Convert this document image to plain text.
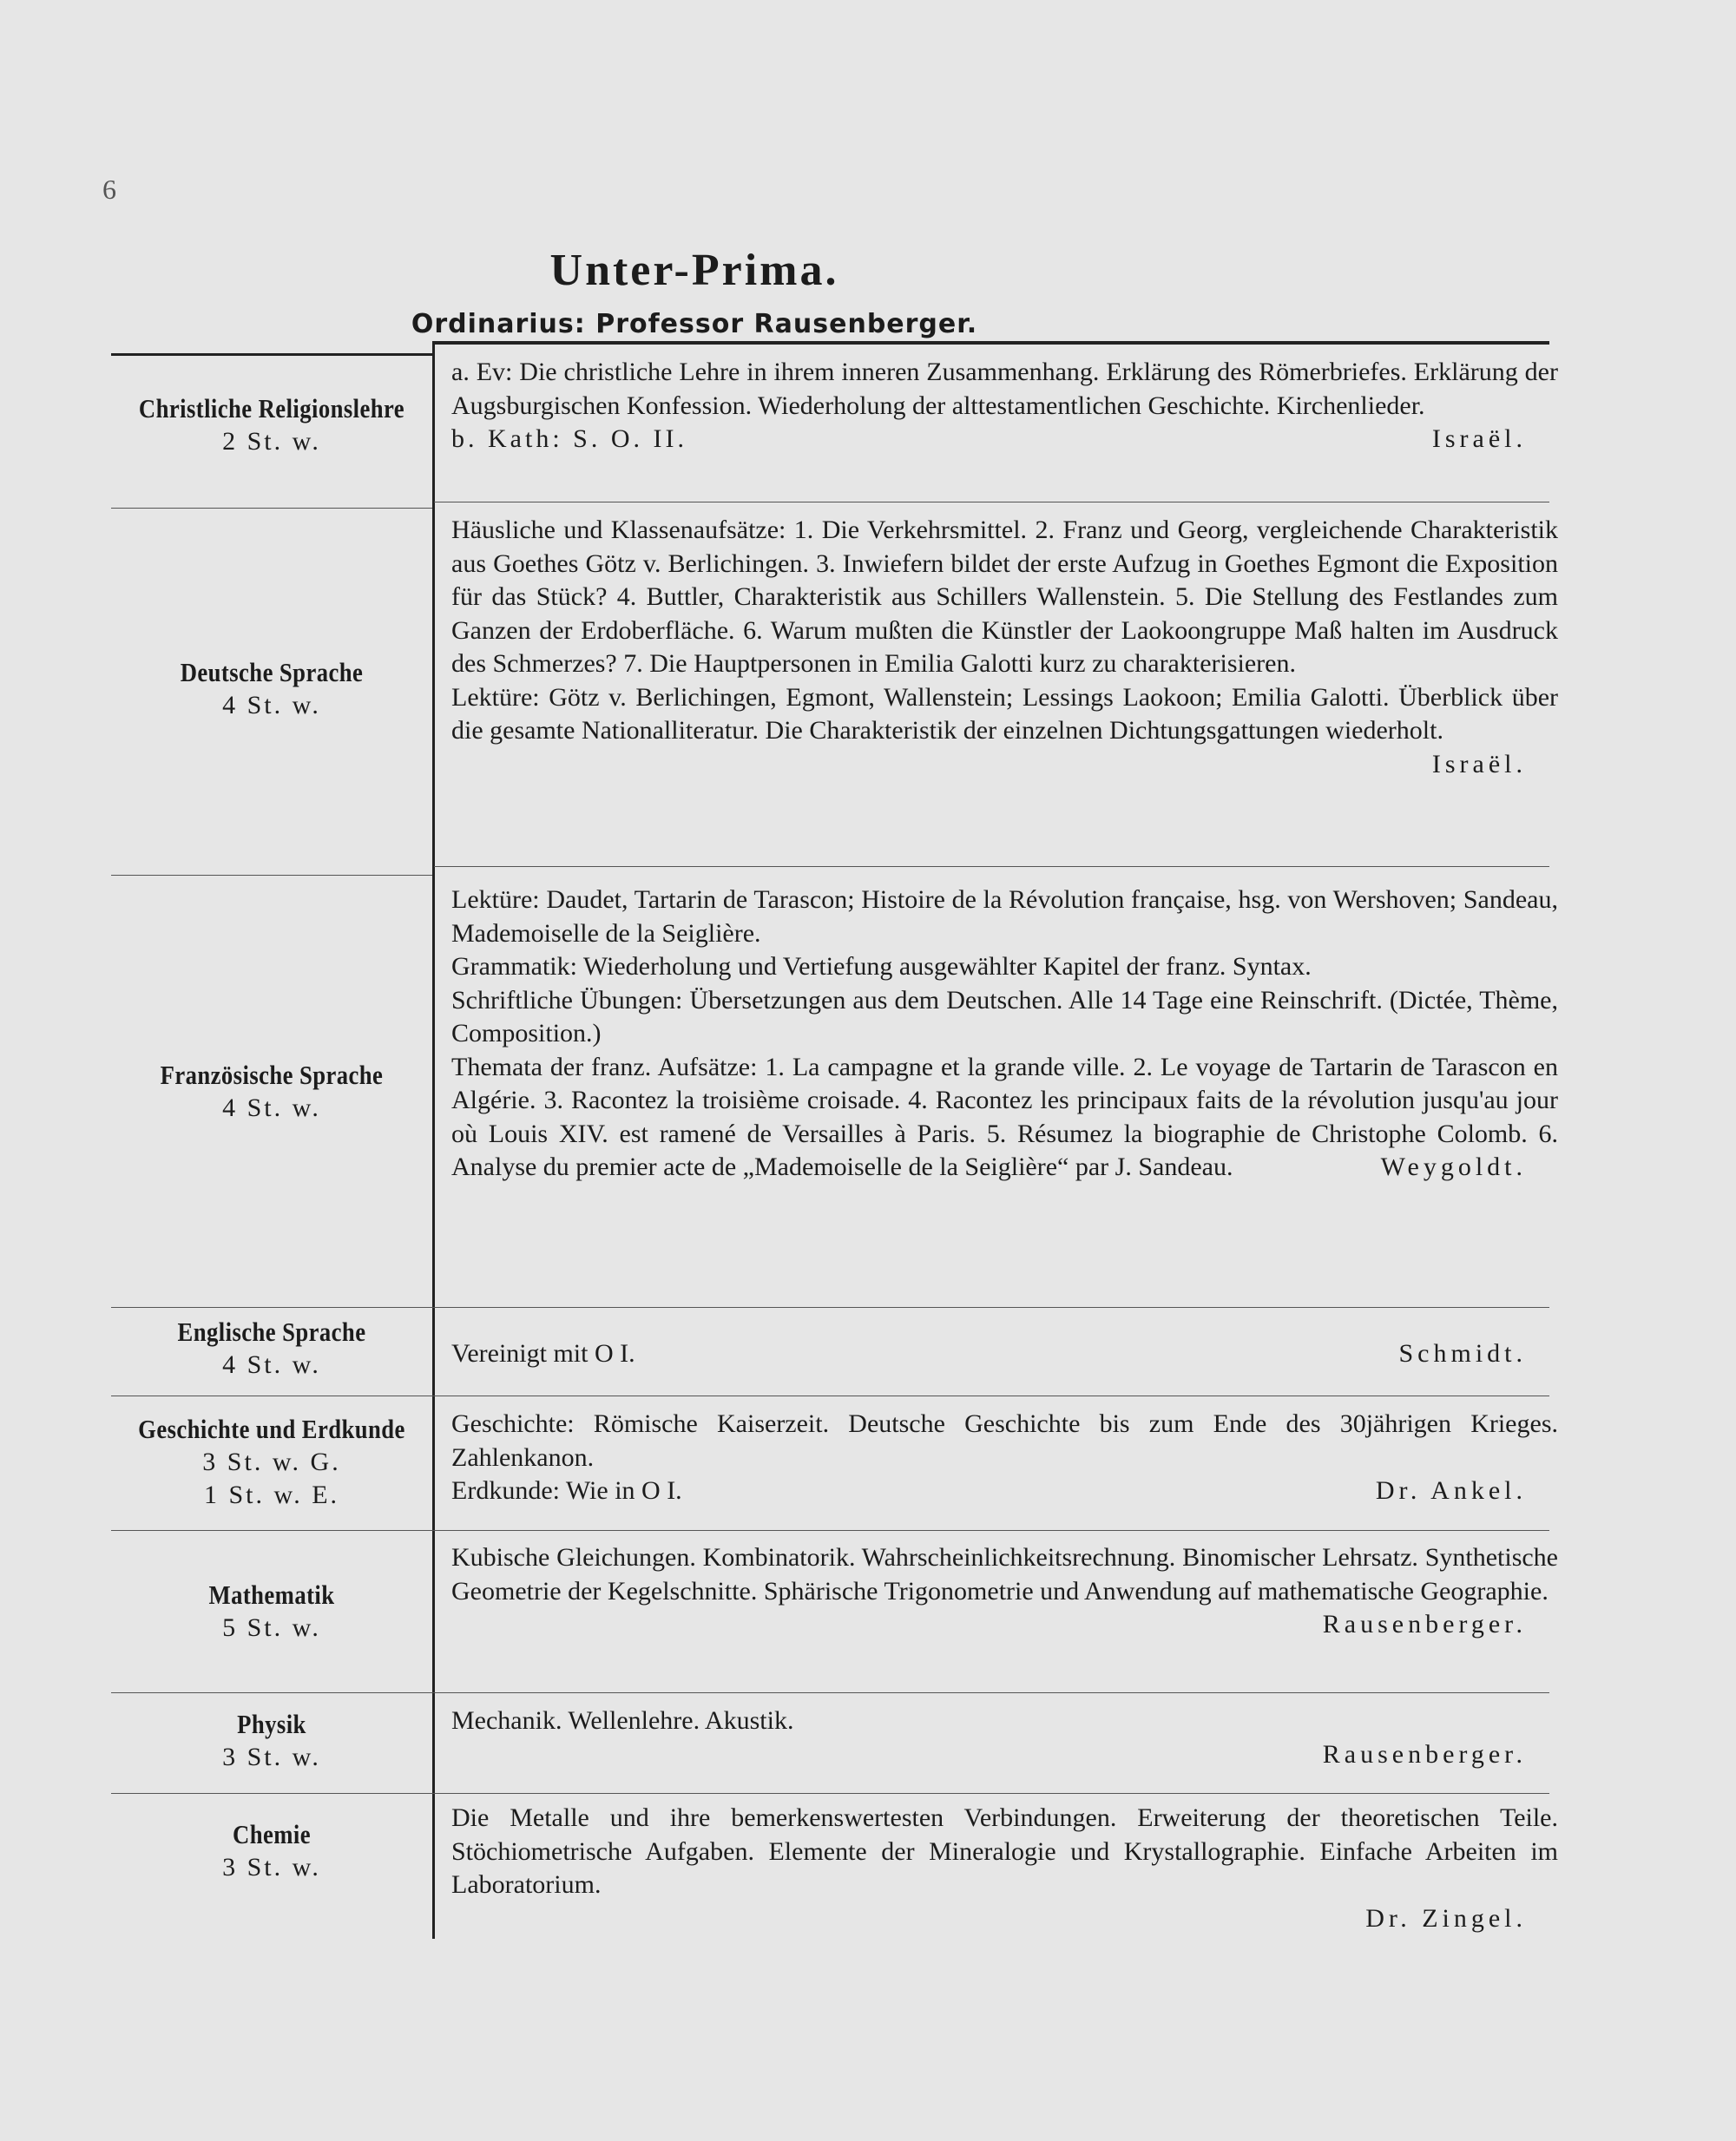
6
Unter-Prima.
Ordinarius: Professor Rausenberger.
Christliche Religionslehre
2 St. w.

a. Ev: Die christliche Lehre in ihrem inneren Zusammenhang. Erklärung des Römerbriefes. Erklärung der Augsburgischen Konfession. Wiederholung der alttestamentlichen Geschichte. Kirchenlieder.

b. Kath: S. O. II.	Israël.

Deutsche Sprache
4 St. w.

Häusliche und Klassenaufsätze: 1. Die Verkehrsmittel. 2. Franz und Georg, vergleichende Charakteristik aus Goethes Götz v. Berlichingen. 3. Inwiefern bildet der erste Aufzug in Goethes Egmont die Exposition für das Stück? 4. Buttler, Charakteristik aus Schillers Wallenstein. 5. Die Stellung des Festlandes zum Ganzen der Erdoberfläche. 6. Warum mußten die Künstler der Laokoongruppe Maß halten im Ausdruck des Schmerzes? 7. Die Hauptpersonen in Emilia Galotti kurz zu charakterisieren.

Lektüre: Götz v. Berlichingen, Egmont, Wallenstein; Lessings Laokoon; Emilia Galotti. Überblick über die gesamte Nationalliteratur. Die Charakteristik der einzelnen Dichtungsgattungen wiederholt.
Israël.

Französische Sprache
4 St. w.

Lektüre: Daudet, Tartarin de Tarascon; Histoire de la Révolution française, hsg. von Wershoven; Sandeau, Mademoiselle de la Seiglière.

Grammatik: Wiederholung und Vertiefung ausgewählter Kapitel der franz. Syntax.

Schriftliche Übungen: Übersetzungen aus dem Deutschen. Alle 14 Tage eine Reinschrift. (Dictée, Thème, Composition.)

Themata der franz. Aufsätze: 1. La campagne et la grande ville. 2. Le voyage de Tartarin de Tarascon en Algérie. 3. Racontez la troisième croisade. 4. Racontez les principaux faits de la révolution jusqu'au jour où Louis XIV. est ramené de Versailles à Paris. 5. Résumez la biographie de Christophe Colomb. 6. Analyse du premier acte de „Mademoiselle de la Seiglière“ par J. Sandeau.	Weygoldt.

Englische Sprache
4 St. w.	Vereinigt mit O I.	Schmidt.

Geschichte und Erdkunde
3 St. w. G.
1 St. w. E.

Geschichte: Römische Kaiserzeit. Deutsche Geschichte bis zum Ende des 30jährigen Krieges. Zahlenkanon.

Erdkunde: Wie in O I.	Dr. Ankel.

Mathematik
5 St. w.

Kubische Gleichungen. Kombinatorik. Wahrscheinlichkeitsrechnung. Binomischer Lehrsatz. Synthetische Geometrie der Kegelschnitte. Sphärische Trigonometrie und Anwendung auf mathematische Geographie.

Rausenberger.

Physik
3 St. w.

Mechanik. Wellenlehre. Akustik.

Rausenberger.

Chemie
3 St. w.

Die Metalle und ihre bemerkenswertesten Verbindungen. Erweiterung der theoretischen Teile. Stöchiometrische Aufgaben. Elemente der Mineralogie und Krystallographie. Einfache Arbeiten im Laboratorium.

Dr. Zingel.
